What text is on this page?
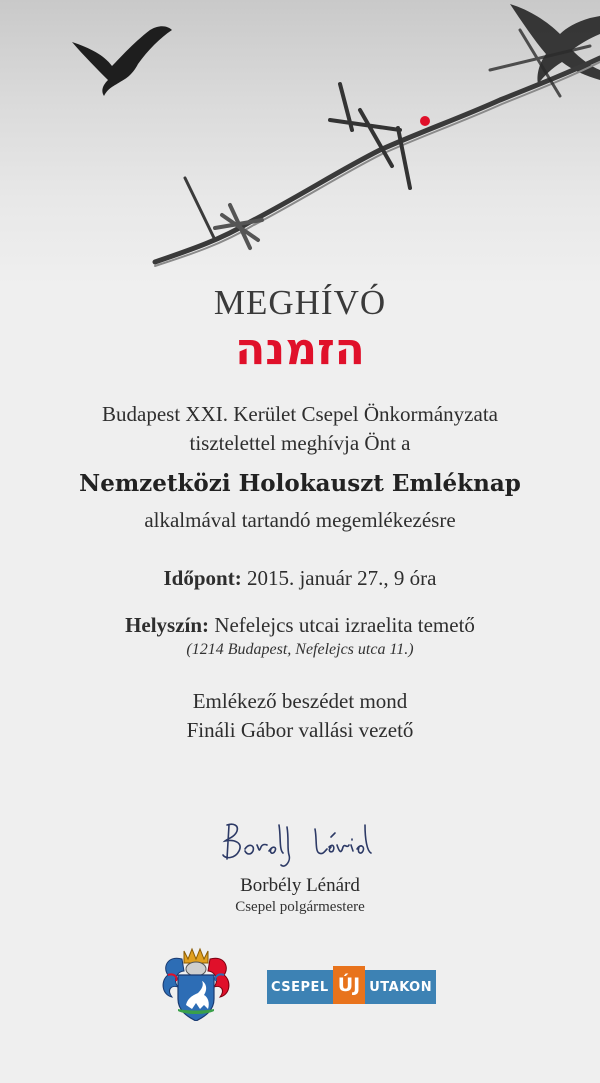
MEGHÍVÓ
הזמנה
Budapest XXI. Kerület Csepel Önkormányzata
tisztelettel meghívja Önt a
Nemzetközi Holokauszt Emléknap
alkalmával tartandó megemlékezésre
Időpont: 2015. január 27., 9 óra
Helyszín: Nefelejcs utcai izraelita temető
(1214 Budapest, Nefelejcs utca 11.)
Emlékező beszédet mond
Fináli Gábor vallási vezető
Borbély Lénárd
Csepel polgármestere
CSEPEL ÚJ UTAKON
